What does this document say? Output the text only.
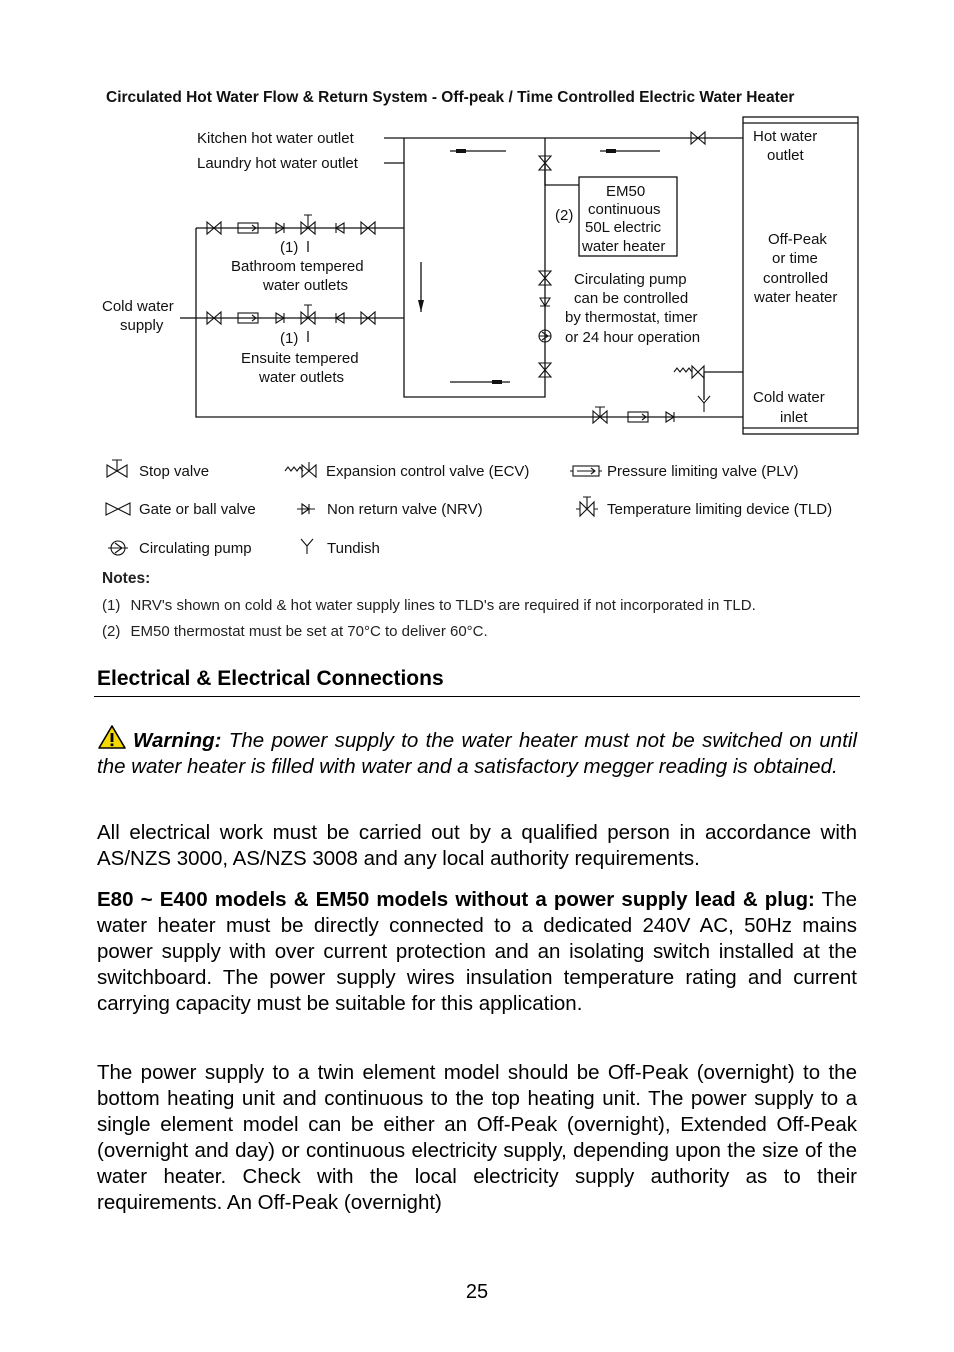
Circulated Hot Water Flow & Return System - Off-peak / Time Controlled Electric Water Heater
Kitchen hot water outlet
Laundry hot water outlet
Cold water
supply
(1)
(1)
Bathroom tempered
water outlets
Ensuite tempered
water outlets
(2)
EM50
continuous
50L electric
water heater
Circulating pump
can be controlled
by thermostat, timer
or 24 hour operation
Hot water
outlet
Off-Peak
or time
controlled
water heater
Cold water
inlet
Stop valve	Expansion control valve (ECV)	Pressure limiting valve (PLV)
Gate or ball valve	Non return valve (NRV)	Temperature limiting device (TLD)
Circulating pump	Tundish
Notes:
(1) NRV's shown on cold & hot water supply lines to TLD's are required if not incorporated in TLD.
(2) EM50 thermostat must be set at 70°C to deliver 60°C.
Electrical & Electrical Connections
Warning: The power supply to the water heater must not be switched on until the water heater is filled with water and a satisfactory megger reading is obtained.
All electrical work must be carried out by a qualified person in accordance with AS/NZS 3000, AS/NZS 3008 and any local authority requirements.
E80 ~ E400 models & EM50 models without a power supply lead & plug: The water heater must be directly connected to a dedicated 240V AC, 50Hz mains power supply with over current protection and an isolating switch installed at the switchboard. The power supply wires insulation temperature rating and current carrying capacity must be suitable for this application.
The power supply to a twin element model should be Off-Peak (overnight) to the bottom heating unit and continuous to the top heating unit. The power supply to a single element model can be either an Off-Peak (overnight), Extended Off-Peak (overnight and day) or continuous electricity supply, depending upon the size of the water heater. Check with the local electricity supply authority as to their requirements. An Off-Peak (overnight)
25
